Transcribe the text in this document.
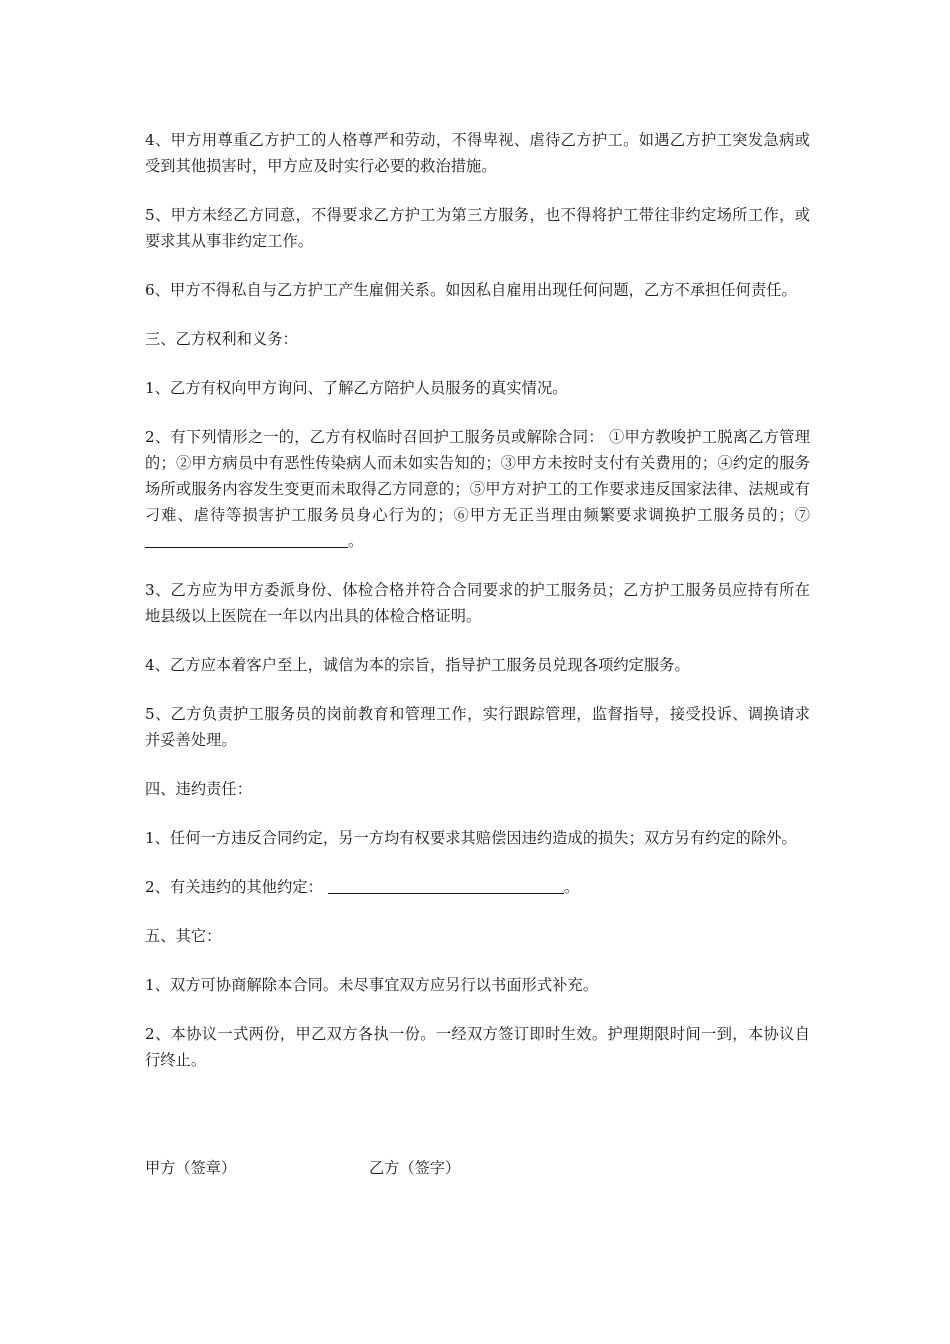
4、甲方用尊重乙方护工的人格尊严和劳动，不得卑视、虐待乙方护工。如遇乙方护工突发急病或受到其他损害时，甲方应及时实行必要的救治措施。

5、甲方未经乙方同意，不得要求乙方护工为第三方服务，也不得将护工带往非约定场所工作，或要求其从事非约定工作。

6、甲方不得私自与乙方护工产生雇佣关系。如因私自雇用出现任何问题，乙方不承担任何责任。

三、乙方权利和义务：

1、乙方有权向甲方询问、了解乙方陪护人员服务的真实情况。

2、有下列情形之一的，乙方有权临时召回护工服务员或解除合同： ①甲方教唆护工脱离乙方管理的；②甲方病员中有恶性传染病人而未如实告知的；③甲方未按时支付有关费用的；④约定的服务场所或服务内容发生变更而未取得乙方同意的；⑤甲方对护工的工作要求违反国家法律、法规或有刁难、虐待等损害护工服务员身心行为的；⑥甲方无正当理由频繁要求调换护工服务员的；⑦。

3、乙方应为甲方委派身份、体检合格并符合合同要求的护工服务员；乙方护工服务员应持有所在地县级以上医院在一年以内出具的体检合格证明。

4、乙方应本着客户至上，诚信为本的宗旨，指导护工服务员兑现各项约定服务。

5、乙方负责护工服务员的岗前教育和管理工作，实行跟踪管理，监督指导，接受投诉、调换请求并妥善处理。

四、违约责任：

1、任何一方违反合同约定，另一方均有权要求其赔偿因违约造成的损失；双方另有约定的除外。

2、有关违约的其他约定：	。

五、其它：

1、双方可协商解除本合同。未尽事宜双方应另行以书面形式补充。

2、本协议一式两份，甲乙双方各执一份。一经双方签订即时生效。护理期限时间一到，本协议自行终止。

甲方（签章）	乙方（签字）
